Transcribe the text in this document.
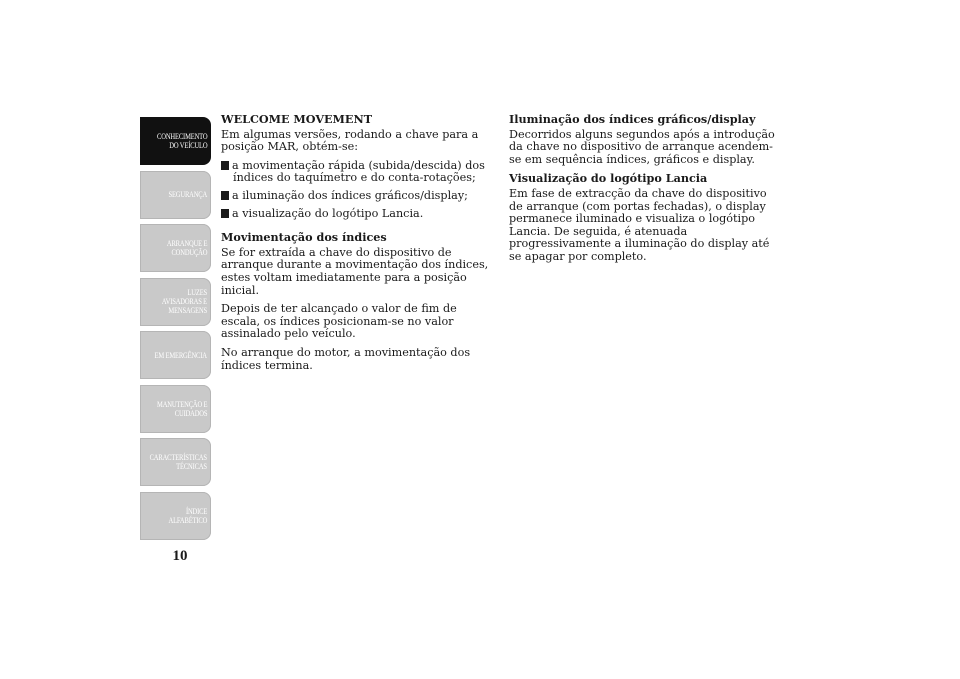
CONHECIMENTO
DO VEÍCULO
SEGURANÇA
ARRANQUE E
CONDUÇÃO
LUZES
AVISADORAS E
MENSAGENS
EM EMERGÊNCIA
MANUTENÇÃO E
CUIDADOS
CARACTERÍSTICAS
TÉCNICAS
ÍNDICE
ALFABÉTICO
10
WELCOME MOVEMENT

Em algumas versões, rodando a chave para a posição MAR, obtém-se:

a movimentação rápida (subida/descida) dos índices do taquímetro e do conta-rotações;
a iluminação dos índices gráficos/display;
a visualização do logótipo Lancia.
Movimentação dos índices

Se for extraída a chave do dispositivo de arranque durante a movimentação dos índices, estes voltam imediatamente para a posição inicial.

Depois de ter alcançado o valor de fim de escala, os índices posicionam-se no valor assinalado pelo veículo.

No arranque do motor, a movimentação dos índices termina.

Iluminação dos índices gráficos/display

Decorridos alguns segundos após a introdução da chave no dispositivo de arranque acendem-se em sequência índices, gráficos e display.

Visualização do logótipo Lancia

Em fase de extracção da chave do dispositivo de arranque (com portas fechadas), o display permanece iluminado e visualiza o logótipo Lancia. De seguida, é atenuada progressivamente a iluminação do display até se apagar por completo.
